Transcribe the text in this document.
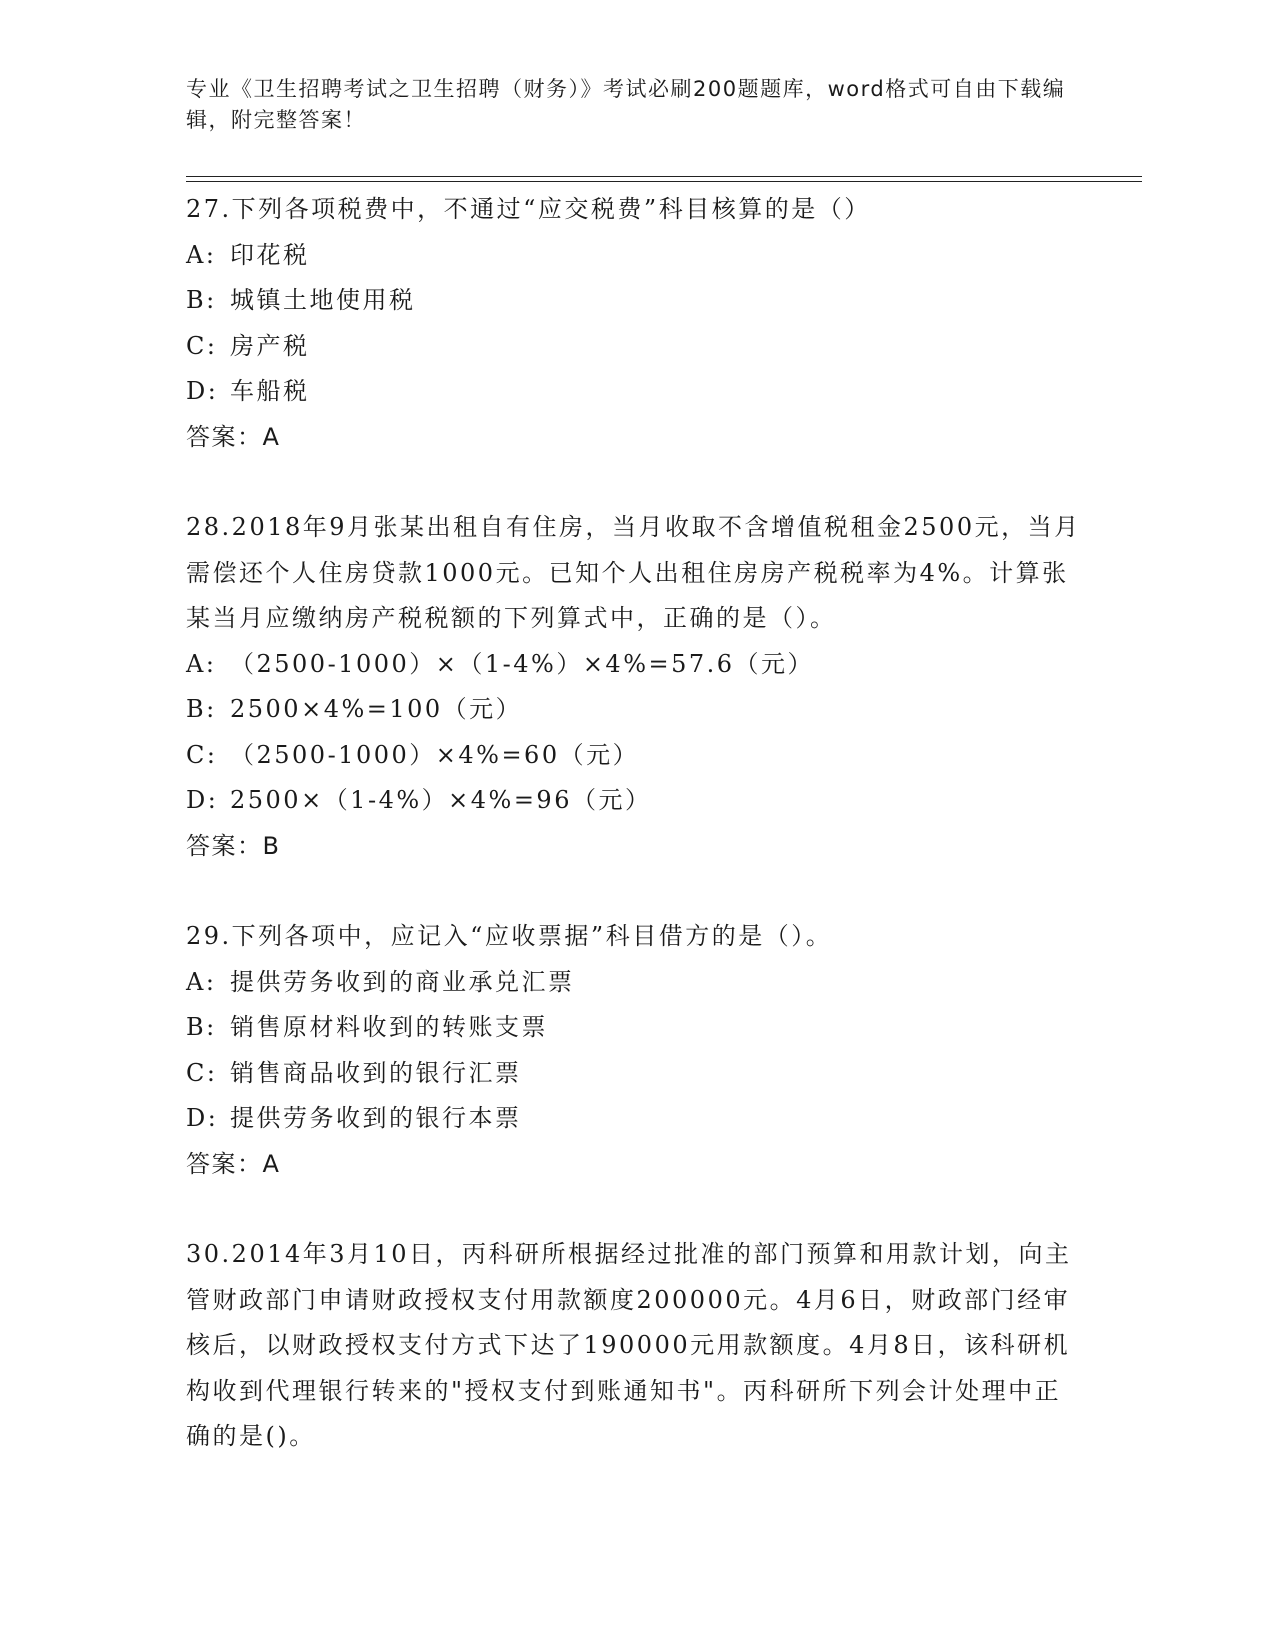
专业《卫生招聘考试之卫生招聘（财务）》考试必刷200题题库，word格式可自由下载编辑，附完整答案！

27.下列各项税费中，不通过“应交税费”科目核算的是（）

A: 印花税

B: 城镇土地使用税

C: 房产税

D: 车船税

答案：A

28.2018年9月张某出租自有住房，当月收取不含增值税租金2500元，当月需偿还个人住房贷款1000元。已知个人出租住房房产税税率为4%。计算张某当月应缴纳房产税税额的下列算式中，正确的是（）。

A: （2500-1000）×（1-4%）×4%=57.6（元）

B: 2500×4%=100（元）

C: （2500-1000）×4%=60（元）

D: 2500×（1-4%）×4%=96（元）

答案：B

29.下列各项中，应记入“应收票据”科目借方的是（）。

A: 提供劳务收到的商业承兑汇票

B: 销售原材料收到的转账支票

C: 销售商品收到的银行汇票

D: 提供劳务收到的银行本票

答案：A

30.2014年3月10日，丙科研所根据经过批准的部门预算和用款计划，向主管财政部门申请财政授权支付用款额度200000元。4月6日，财政部门经审核后，以财政授权支付方式下达了190000元用款额度。4月8日，该科研机构收到代理银行转来的"授权支付到账通知书"。丙科研所下列会计处理中正确的是()。
